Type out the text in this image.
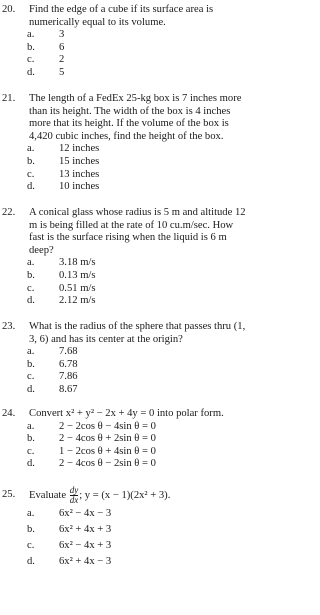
20.	Find the edge of a cube if its surface area is
numerically equal to its volume.
a.	3
b.	6
c.	2
d.	5
21.	The length of a FedEx 25-kg box is 7 inches more
than its height. The width of the box is 4 inches
more that its height. If the volume of the box is
4,420 cubic inches, find the height of the box.
a.	12 inches
b.	15 inches
c.	13 inches
d.	10 inches
22.	A conical glass whose radius is 5 m and altitude 12
m is being filled at the rate of 10 cu.m/sec. How
fast is the surface rising when the liquid is 6 m
deep?
a.	3.18 m/s
b.	0.13 m/s
c.	0.51 m/s
d.	2.12 m/s
23.	What is the radius of the sphere that passes thru (1,
3, 6) and has its center at the origin?
a.	7.68
b.	6.78
c.	7.86
d.	8.67
24.	Convert x² + y² − 2x + 4y = 0 into polar form.
a.	2 − 2cos θ − 4sin θ = 0
b.	2 − 4cos θ + 2sin θ = 0
c.	1 − 2cos θ + 4sin θ = 0
d.	2 − 4cos θ − 2sin θ = 0
25.	Evaluate $\frac{dy}{dx}$ ; y = (x − 1)(2x² + 3).
a.	6x² − 4x − 3
b.	6x² + 4x + 3
c.	6x² − 4x + 3
d.	6x² + 4x − 3
